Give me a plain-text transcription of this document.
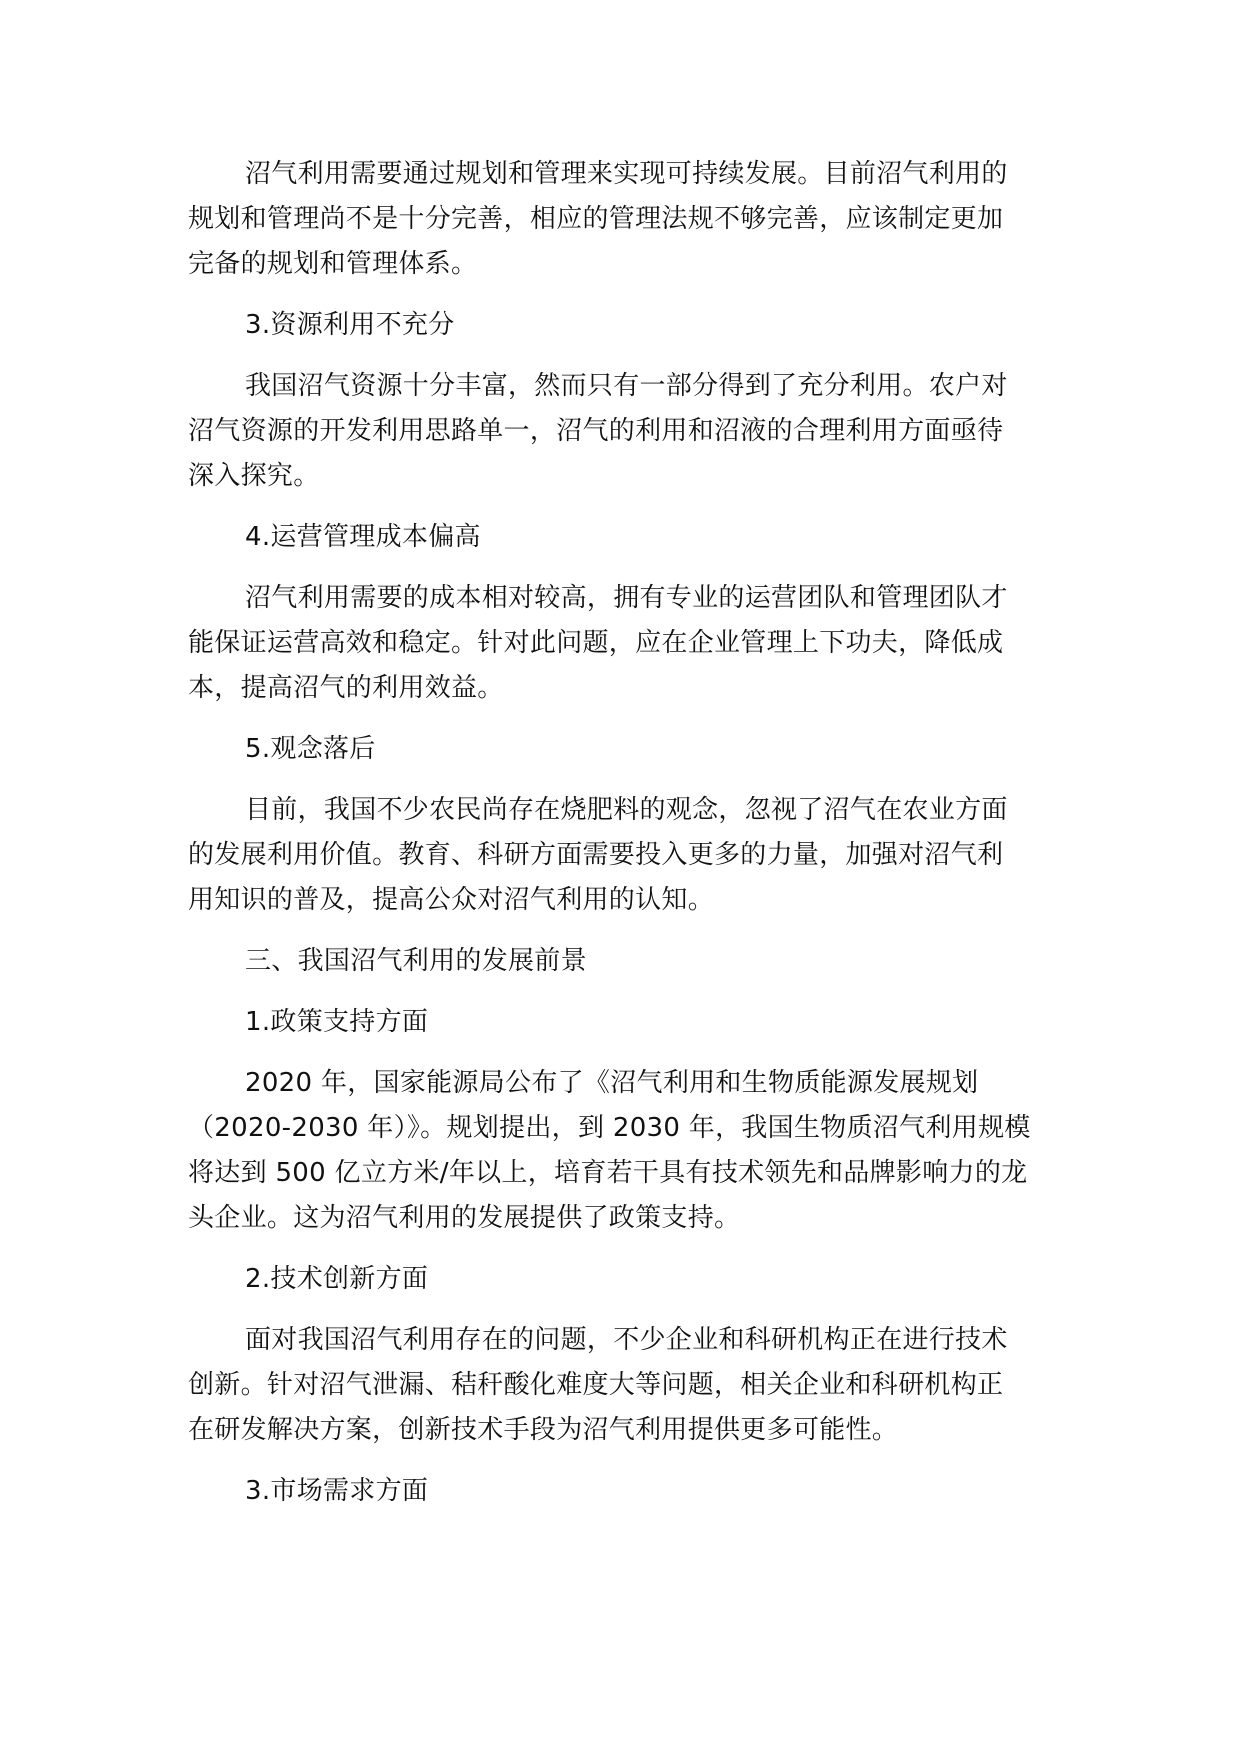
沼气利用需要通过规划和管理来实现可持续发展。目前沼气利用的
规划和管理尚不是十分完善，相应的管理法规不够完善，应该制定更加
完备的规划和管理体系。
3.资源利用不充分
我国沼气资源十分丰富，然而只有一部分得到了充分利用。农户对
沼气资源的开发利用思路单一，沼气的利用和沼液的合理利用方面亟待
深入探究。
4.运营管理成本偏高
沼气利用需要的成本相对较高，拥有专业的运营团队和管理团队才
能保证运营高效和稳定。针对此问题，应在企业管理上下功夫，降低成
本，提高沼气的利用效益。
5.观念落后
目前，我国不少农民尚存在烧肥料的观念，忽视了沼气在农业方面
的发展利用价值。教育、科研方面需要投入更多的力量，加强对沼气利
用知识的普及，提高公众对沼气利用的认知。
三、我国沼气利用的发展前景
1.政策支持方面
2020 年，国家能源局公布了《沼气利用和生物质能源发展规划
（2020-2030 年）》。规划提出，到 2030 年，我国生物质沼气利用规模
将达到 500 亿立方米/年以上，培育若干具有技术领先和品牌影响力的龙
头企业。这为沼气利用的发展提供了政策支持。
2.技术创新方面
面对我国沼气利用存在的问题，不少企业和科研机构正在进行技术
创新。针对沼气泄漏、秸秆酸化难度大等问题，相关企业和科研机构正
在研发解决方案，创新技术手段为沼气利用提供更多可能性。
3.市场需求方面
